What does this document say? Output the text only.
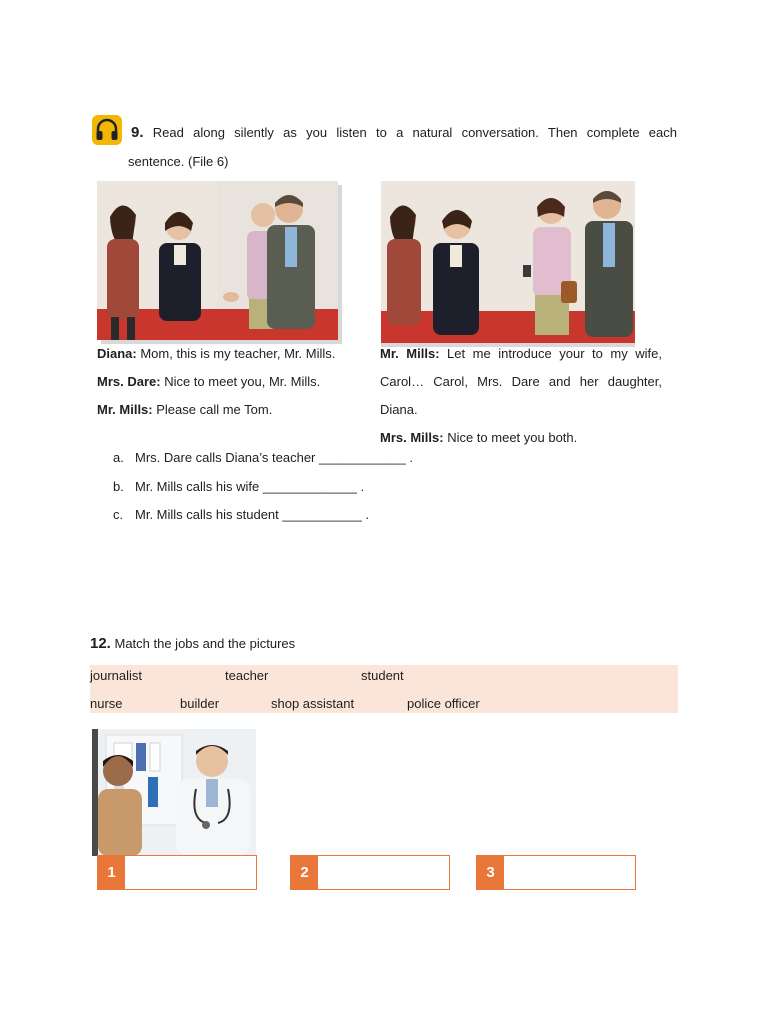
9. Read along silently as you listen to a natural conversation. Then complete each
sentence. (File 6)
Diana: Mom, this is my teacher, Mr. Mills.
Mrs. Dare: Nice to meet you, Mr. Mills.
Mr. Mills: Please call me Tom.
Mr. Mills: Let me introduce your to my wife,
Carol… Carol, Mrs. Dare and her daughter,
Diana.
Mrs. Mills: Nice to meet you both.
a. Mrs. Dare calls Diana’s teacher ____________ .
b. Mr. Mills calls his wife _____________ .
c. Mr. Mills calls his student ___________ .
12. Match the jobs and the pictures
journalist	teacher	student
nurse	builder	shop assistant	police officer
1	2	3
